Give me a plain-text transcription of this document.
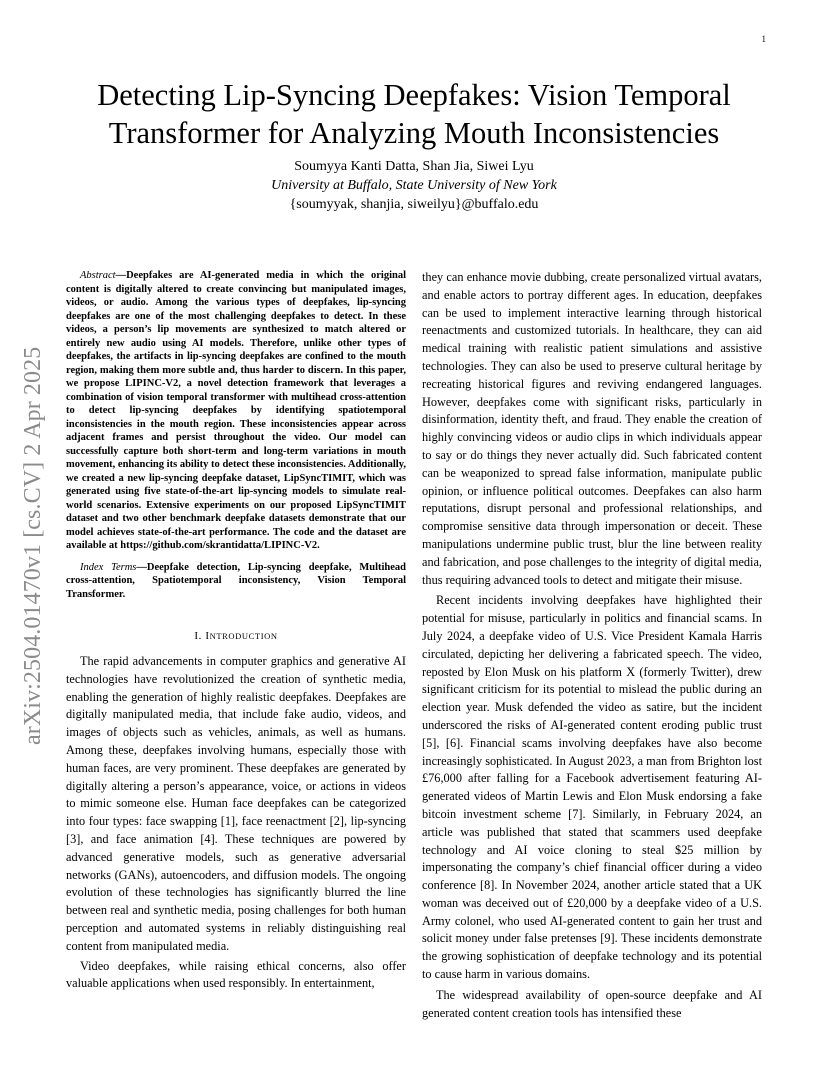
1
arXiv:2504.01470v1 [cs.CV] 2 Apr 2025
Detecting Lip-Syncing Deepfakes: Vision Temporal
Transformer for Analyzing Mouth Inconsistencies
Soumyya Kanti Datta, Shan Jia, Siwei Lyu
University at Buffalo, State University of New York
{soumyyak, shanjia, siweilyu}@buffalo.edu

Abstract—Deepfakes are AI-generated media in which the original content is digitally altered to create convincing but manipulated images, videos, or audio. Among the various types of deepfakes, lip-syncing deepfakes are one of the most challenging deepfakes to detect. In these videos, a person’s lip movements are synthesized to match altered or entirely new audio using AI models. Therefore, unlike other types of deepfakes, the artifacts in lip-syncing deepfakes are confined to the mouth region, making them more subtle and, thus harder to discern. In this paper, we propose LIPINC-V2, a novel detection framework that leverages a combination of vision temporal transformer with multihead cross-attention to detect lip-syncing deepfakes by identifying spatiotemporal inconsistencies in the mouth region. These inconsistencies appear across adjacent frames and persist throughout the video. Our model can successfully capture both short-term and long-term variations in mouth movement, enhancing its ability to detect these inconsistencies. Additionally, we created a new lip-syncing deepfake dataset, LipSyncTIMIT, which was generated using five state-of-the-art lip-syncing models to simulate real-world scenarios. Extensive experiments on our proposed LipSyncTIMIT dataset and two other benchmark deepfake datasets demonstrate that our model achieves state-of-the-art performance. The code and the dataset are available at https://github.com/skrantidatta/LIPINC-V2.

Index Terms—Deepfake detection, Lip-syncing deepfake, Multihead cross-attention, Spatiotemporal inconsistency, Vision Temporal Transformer.

I. INTRODUCTION

The rapid advancements in computer graphics and generative AI technologies have revolutionized the creation of synthetic media, enabling the generation of highly realistic deepfakes. Deepfakes are digitally manipulated media, that include fake audio, videos, and images of objects such as vehicles, animals, as well as humans. Among these, deepfakes involving humans, especially those with human faces, are very prominent. These deepfakes are generated by digitally altering a person’s appearance, voice, or actions in videos to mimic someone else. Human face deepfakes can be categorized into four types: face swapping [1], face reenactment [2], lip-syncing [3], and face animation [4]. These techniques are powered by advanced generative models, such as generative adversarial networks (GANs), autoencoders, and diffusion models. The ongoing evolution of these technologies has significantly blurred the line between real and synthetic media, posing challenges for both human perception and automated systems in reliably distinguishing real content from manipulated media.

Video deepfakes, while raising ethical concerns, also offer valuable applications when used responsibly. In entertainment,

they can enhance movie dubbing, create personalized virtual avatars, and enable actors to portray different ages. In education, deepfakes can be used to implement interactive learning through historical reenactments and customized tutorials. In healthcare, they can aid medical training with realistic patient simulations and assistive technologies. They can also be used to preserve cultural heritage by recreating historical figures and reviving endangered languages. However, deepfakes come with significant risks, particularly in disinformation, identity theft, and fraud. They enable the creation of highly convincing videos or audio clips in which individuals appear to say or do things they never actually did. Such fabricated content can be weaponized to spread false information, manipulate public opinion, or influence political outcomes. Deepfakes can also harm reputations, disrupt personal and professional relationships, and compromise sensitive data through impersonation or deceit. These manipulations undermine public trust, blur the line between reality and fabrication, and pose challenges to the integrity of digital media, thus requiring advanced tools to detect and mitigate their misuse.

Recent incidents involving deepfakes have highlighted their potential for misuse, particularly in politics and financial scams. In July 2024, a deepfake video of U.S. Vice President Kamala Harris circulated, depicting her delivering a fabricated speech. The video, reposted by Elon Musk on his platform X (formerly Twitter), drew significant criticism for its potential to mislead the public during an election year. Musk defended the video as satire, but the incident underscored the risks of AI-generated content eroding public trust [5], [6]. Financial scams involving deepfakes have also become increasingly sophisticated. In August 2023, a man from Brighton lost £76,000 after falling for a Facebook advertisement featuring AI-generated videos of Martin Lewis and Elon Musk endorsing a fake bitcoin investment scheme [7]. Similarly, in February 2024, an article was published that stated that scammers used deepfake technology and AI voice cloning to steal $25 million by impersonating the company’s chief financial officer during a video conference [8]. In November 2024, another article stated that a UK woman was deceived out of £20,000 by a deepfake video of a U.S. Army colonel, who used AI-generated content to gain her trust and solicit money under false pretenses [9]. These incidents demonstrate the growing sophistication of deepfake technology and its potential to cause harm in various domains.

The widespread availability of open-source deepfake and AI generated content creation tools has intensified these
